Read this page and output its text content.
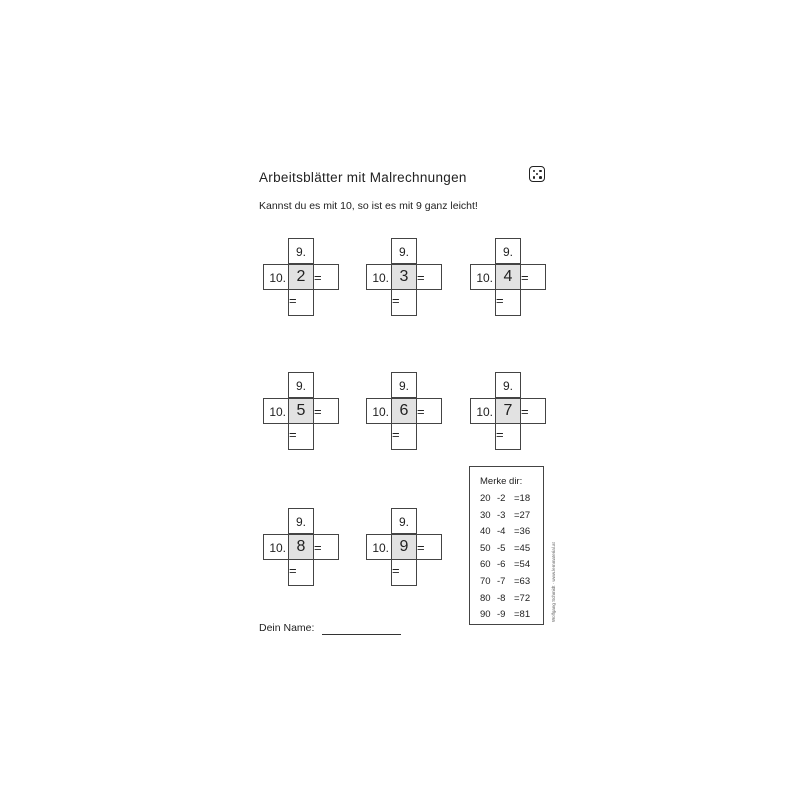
Arbeitsblätter mit Malrechnungen
Kannst du es mit 10, so ist es mit 9 ganz leicht!
9.
10. 2 =
=
9.
10. 3 =
=
9.
10. 4 =
=
9.
10. 5 =
=
9.
10. 6 =
=
9.
10. 7 =
=
9.
10. 8 =
=
9.
10. 9 =
=
Merke dir:
20 -2 =18
30 -3 =27
40 -4 =36
50 -5 =45
60 -6 =54
70 -7 =63
80 -8 =72
90 -9 =81	Wolfgang Schmidt · www.lernmaterial.at
Dein Name:
